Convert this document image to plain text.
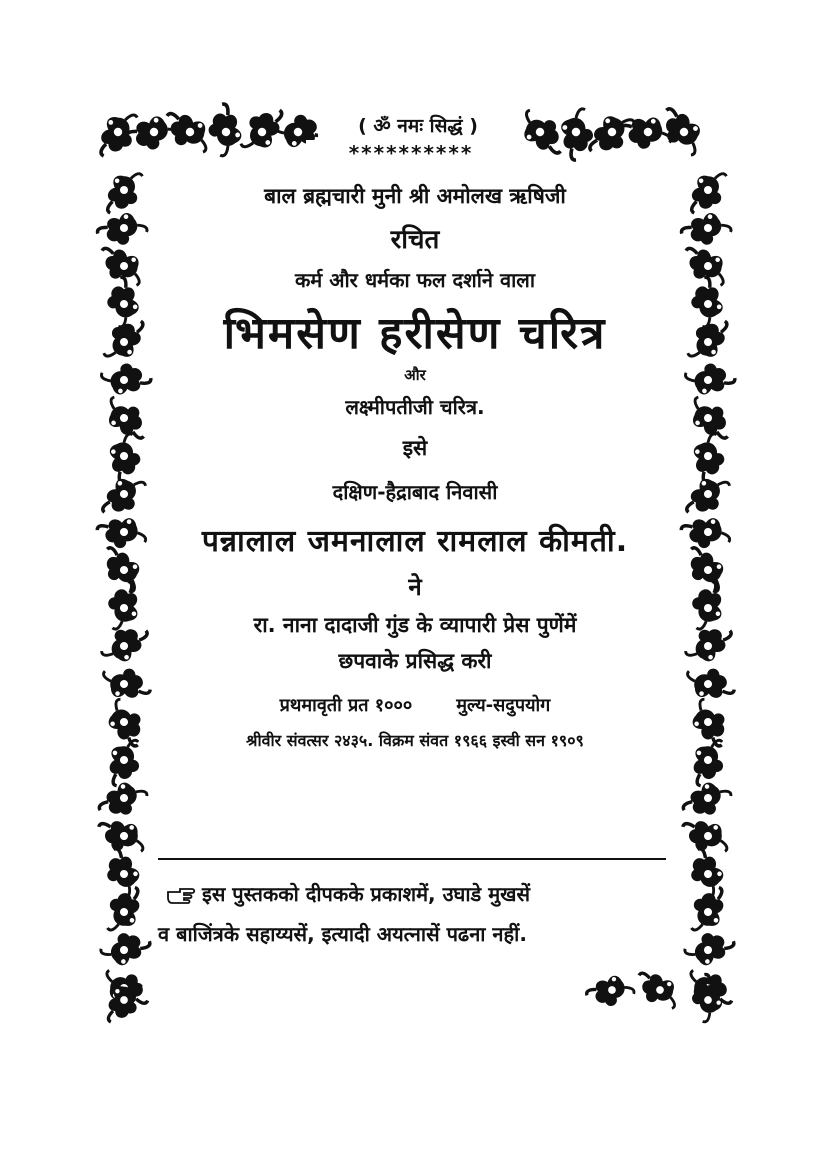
( ॐ नमः सिद्धं )
**********
बाल ब्रह्मचारी मुनी श्री अमोलख ऋषिजी
रचित
कर्म और धर्मका फल दर्शाने वाला
भिमसेण हरीसेण चरित्र
और
लक्ष्मीपतीजी चरित्र.
इसे
दक्षिण-हैद्राबाद निवासी
पन्नालाल जमनालाल रामलाल कीमती.
ने
रा. नाना दादाजी गुंड के व्यापारी प्रेस पुणेंमें
छपवाके प्रसिद्ध करी
प्रथमावृती प्रत १००० मुल्य-सदुपयोग
श्रीवीर संवत्सर २४३५. विक्रम संवत १९६६ इस्वी सन १९०९
इस पुस्तकको दीपकके प्रकाशमें, उघाडे मुखसें
व बाजिंत्रके सहाय्यसें, इत्यादी अयत्नासें पढना नहीं.
